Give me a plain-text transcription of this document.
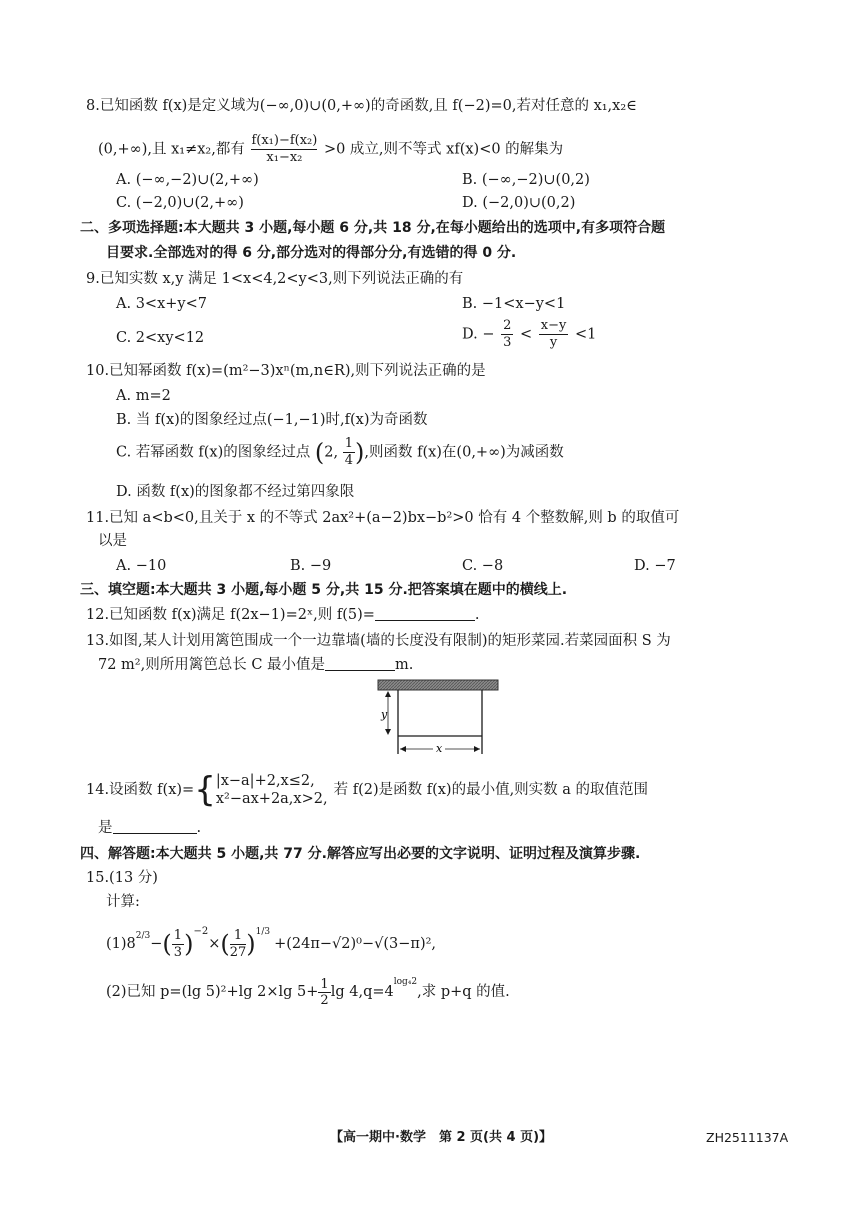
8.已知函数 f(x)是定义域为(−∞,0)∪(0,+∞)的奇函数,且 f(−2)=0,若对任意的 x₁,x₂∈
(0,+∞),且 x₁≠x₂,都有 $\frac{\text{f(x₁)−f(x₂)}}{\text{x₁−x₂}} >0$ 成立,则不等式 xf(x)<0 的解集为
A. (−∞,−2)∪(2,+∞)	B. (−∞,−2)∪(0,2)
C. (−2,0)∪(2,+∞)	D. (−2,0)∪(0,2)
二、多项选择题:本大题共 3 小题,每小题 6 分,共 18 分,在每小题给出的选项中,有多项符合题
目要求.全部选对的得 6 分,部分选对的得部分分,有选错的得 0 分.
9.已知实数 x,y 满足 1<x<4,2<y<3,则下列说法正确的有
A. 3<x+y<7	B. −1<x−y<1
C. 2<xy<12	D. − $\frac{2}{3} < \frac{x-y}{y} <1$
10.已知幂函数 f(x)=(m²−3)xⁿ(m,n∈R),则下列说法正确的是
A. m=2
B. 当 f(x)的图象经过点(−1,−1)时,f(x)为奇函数
C. 若幂函数 f(x)的图象经过点 (2, $\frac{1}{4}$ ),则函数 f(x)在(0,+∞)为减函数
D. 函数 f(x)的图象都不经过第四象限
11.已知 a<b<0,且关于 x 的不等式 2ax²+(a−2)bx−b²>0 恰有 4 个整数解,则 b 的取值可
以是
A. −10	B. −9	C. −8	D. −7
三、填空题:本大题共 3 小题,每小题 5 分,共 15 分.把答案填在题中的横线上.
12.已知函数 f(x)满足 f(2x−1)=2ˣ,则 f(5)=	.
13.如图,某人计划用篱笆围成一个一边靠墙(墙的长度没有限制)的矩形菜园.若菜园面积 S 为
72 m²,则所用篱笆总长 C 最小值是	m.
y
x
14.设函数 f(x)={ |x−a|+2,x≤2,
x²−ax+2a,x>2,
若 f(2)是函数 f(x)的最小值,则实数 a 的取值范围
是	.
四、解答题:本大题共 5 小题,共 77 分.解答应写出必要的文字说明、证明过程及演算步骤.
15.(13 分)
计算:
$(1)8^{2/3}-( \frac{1}{3} )^{-2}\times( \frac{1}{27} )^{1/3}+(24\pi-√2)^0-√(3-\pi)^2$,
(2)已知 p=(lg 5)²+lg 2×lg $5+ \frac{1}{2}$ $\lg 4,q=4^{log_42}$,求 p+q 的值.
【高一期中·数学　第 2 页(共 4 页)】	ZH2511137A
